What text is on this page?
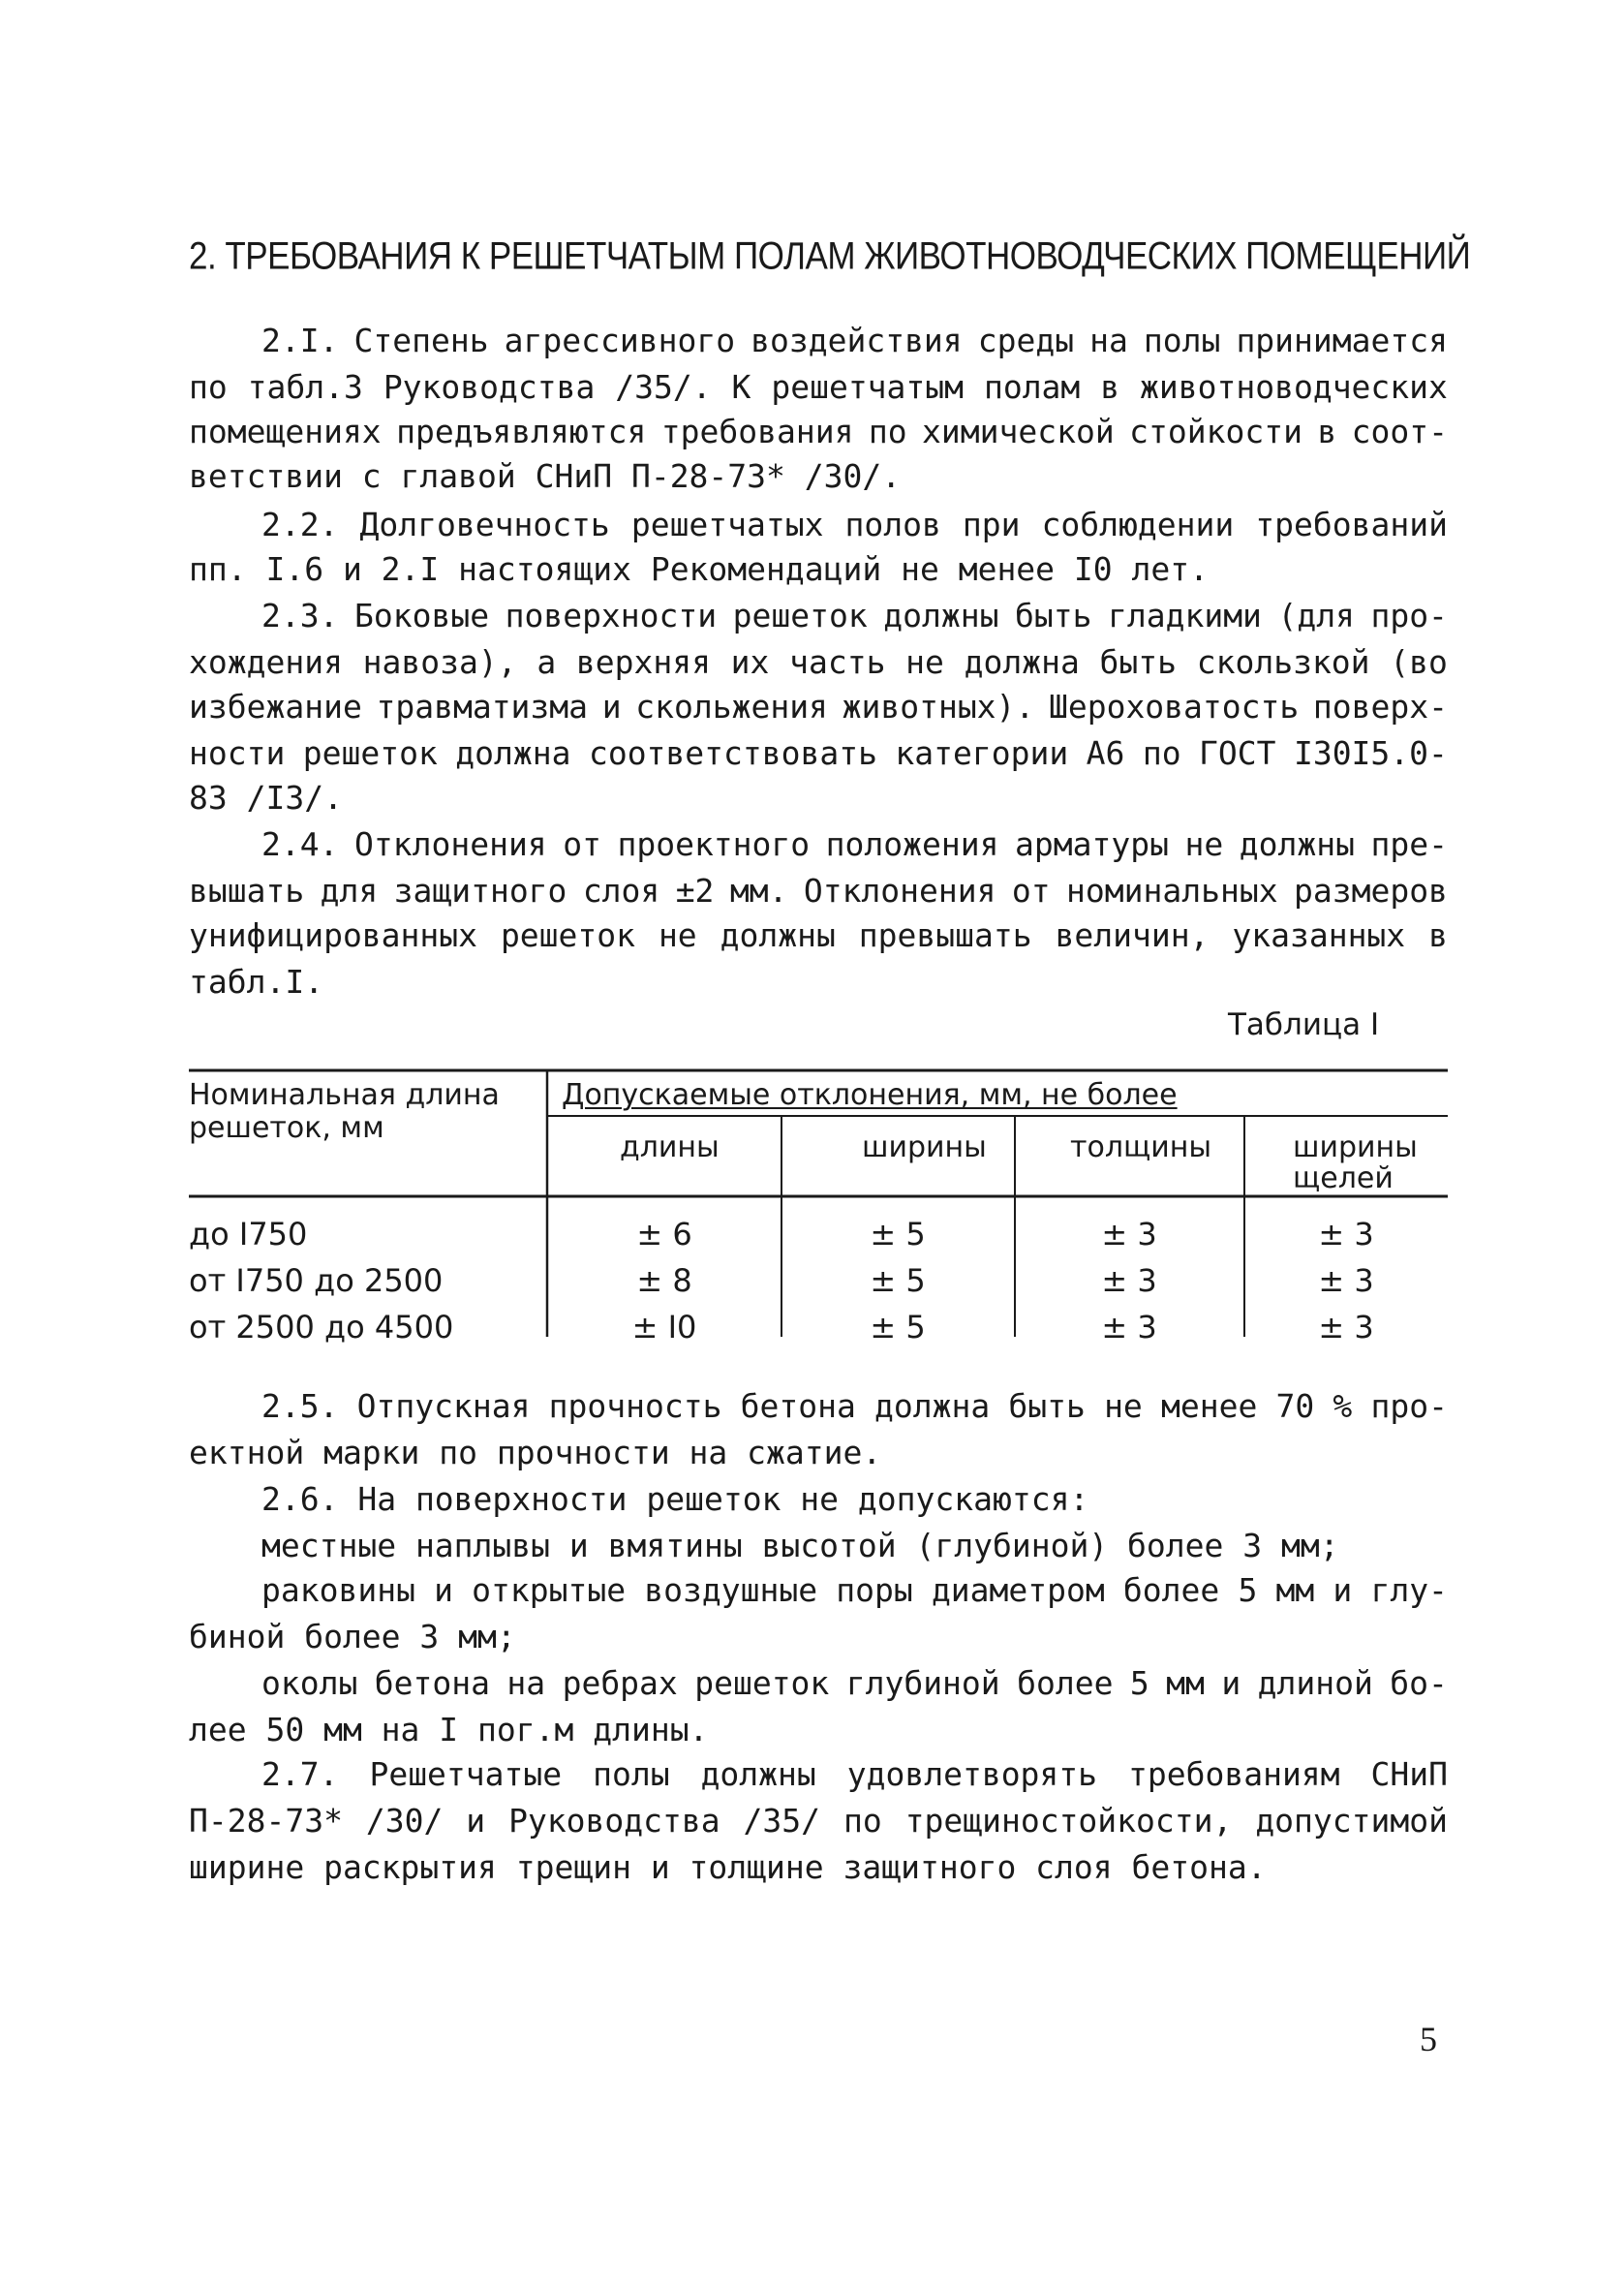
2. ТРЕБОВАНИЯ К РЕШЕТЧАТЫМ ПОЛАМ ЖИВОТНОВОДЧЕСКИХ ПОМЕЩЕНИЙ
2.I. Степень агрессивного воздействия среды на полы принимается
по табл.3 Руководства /35/. К решетчатым полам в животноводческих
помещениях предъявляются требования по химической стойкости в соот-
ветствии с главой СНиП П-28-73* /30/.
2.2. Долговечность решетчатых полов при соблюдении требований
пп. I.6 и 2.I настоящих Рекомендаций не менее I0 лет.
2.3. Боковые поверхности решеток должны быть гладкими (для про-
хождения навоза), а верхняя их часть не должна быть скользкой (во
избежание травматизма и скольжения животных). Шероховатость поверх-
ности решеток должна соответствовать категории А6 по ГОСТ I30I5.0-
83 /I3/.
2.4. Отклонения от проектного положения арматуры не должны пре-
вышать для защитного слоя ±2 мм. Отклонения от номинальных размеров
унифицированных решеток не должны превышать величин, указанных в
табл.I.
Таблица I
Номинальная длина
решеток, мм
Допускаемые отклонения, мм, не более
длины	ширины	толщины	ширины
щелей
до I750	± 6	± 5	± 3	± 3
от I750 до 2500	± 8	± 5	± 3	± 3
от 2500 до 4500	± I0	± 5	± 3	± 3
2.5. Отпускная прочность бетона должна быть не менее 70 % про-
ектной марки по прочности на сжатие.
2.6. На поверхности решеток не допускаются:
местные наплывы и вмятины высотой (глубиной) более 3 мм;
раковины и открытые воздушные поры диаметром более 5 мм и глу-
биной более 3 мм;
околы бетона на ребрах решеток глубиной более 5 мм и длиной бо-
лее 50 мм на I пог.м длины.
2.7. Решетчатые полы должны удовлетворять требованиям СНиП
П-28-73* /30/ и Руководства /35/ по трещиностойкости, допустимой
ширине раскрытия трещин и толщине защитного слоя бетона.
5
